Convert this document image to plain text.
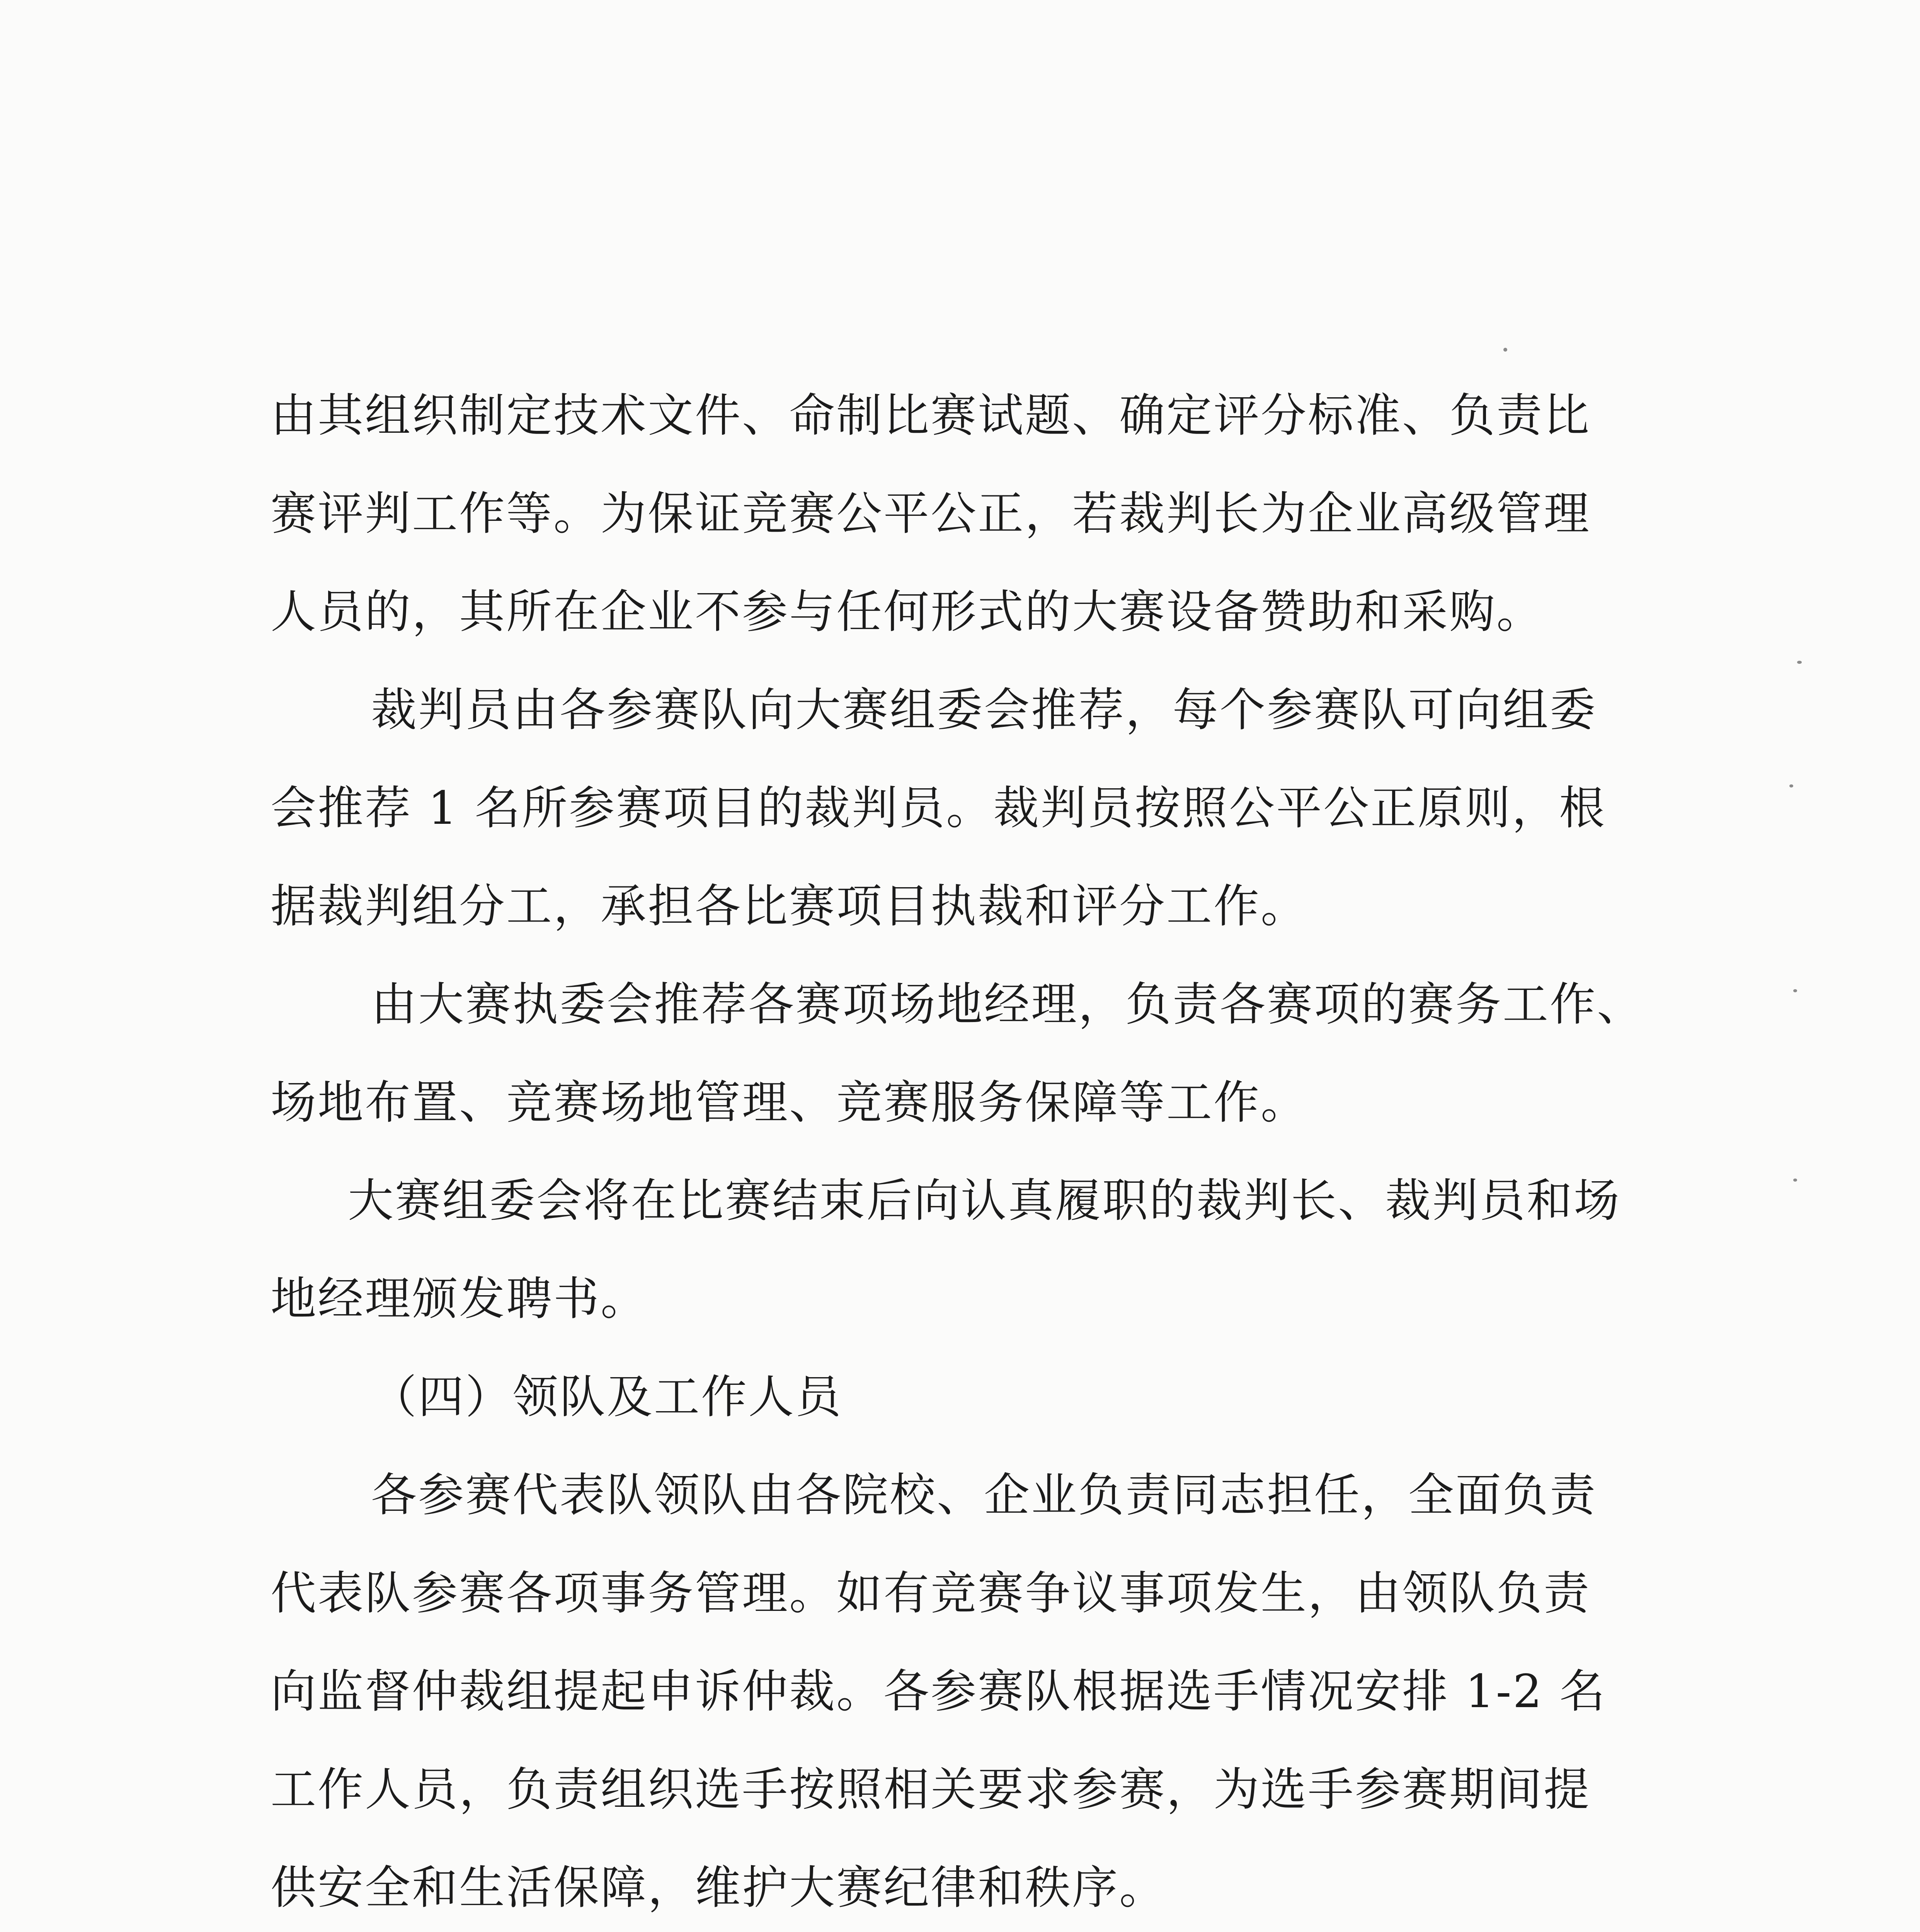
由其组织制定技术文件、命制比赛试题、确定评分标准、负责比
赛评判工作等。为保证竞赛公平公正，若裁判长为企业高级管理
人员的，其所在企业不参与任何形式的大赛设备赞助和采购。
裁判员由各参赛队向大赛组委会推荐，每个参赛队可向组委
会推荐 1 名所参赛项目的裁判员。裁判员按照公平公正原则，根
据裁判组分工，承担各比赛项目执裁和评分工作。
由大赛执委会推荐各赛项场地经理，负责各赛项的赛务工作、
场地布置、竞赛场地管理、竞赛服务保障等工作。
大赛组委会将在比赛结束后向认真履职的裁判长、裁判员和场
地经理颁发聘书。
（四）领队及工作人员
各参赛代表队领队由各院校、企业负责同志担任，全面负责
代表队参赛各项事务管理。如有竞赛争议事项发生，由领队负责
向监督仲裁组提起申诉仲裁。各参赛队根据选手情况安排 1-2 名
工作人员，负责组织选手按照相关要求参赛，为选手参赛期间提
供安全和生活保障，维护大赛纪律和秩序。
